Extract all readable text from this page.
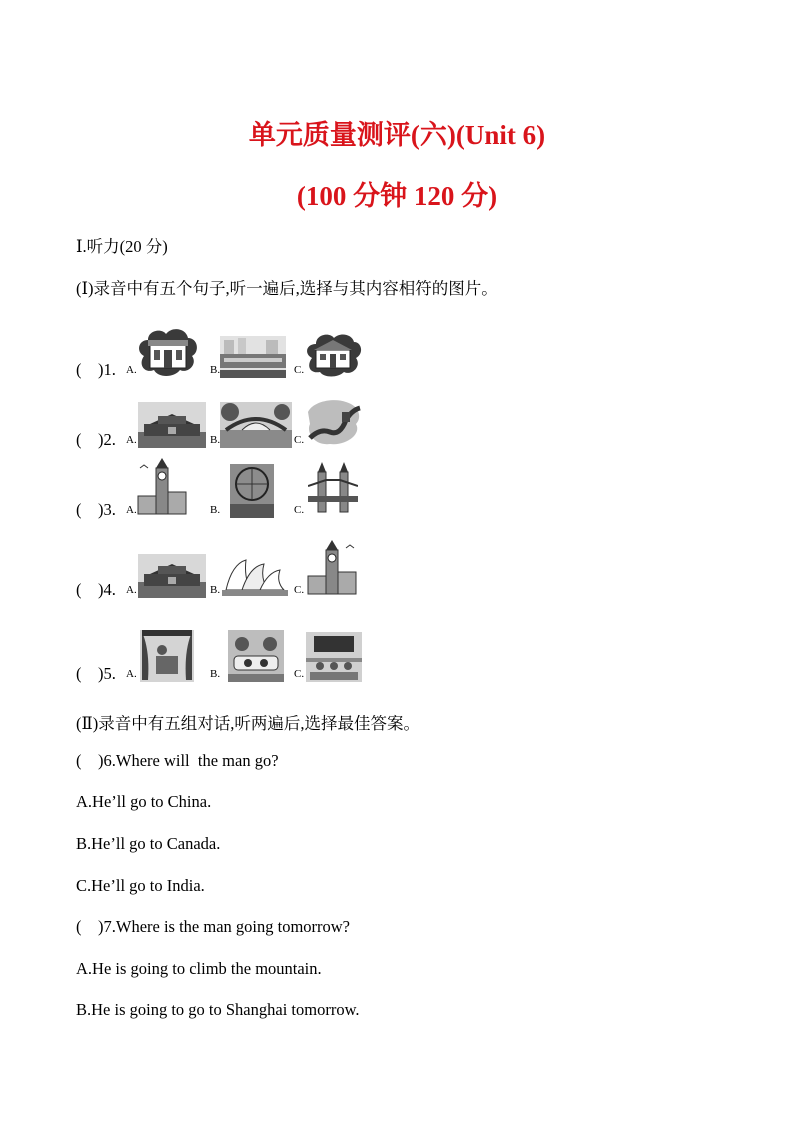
单元质量测评(六)(Unit 6)
(100 分钟 120 分)
Ⅰ.听力(20 分)
(Ⅰ)录音中有五个句子,听一遍后,选择与其内容相符的图片。
(    )1. A.	B.	C.
(    )2. A.	B.	C.
(    )3. A.	B.	C.
(    )4. A.	B.	C.
(    )5. A.	B.	C.
(Ⅱ)录音中有五组对话,听两遍后,选择最佳答案。
(    )6.Where will  the man go?
A.He’ll go to China.
B.He’ll go to Canada.
C.He’ll go to India.
(    )7.Where is the man going tomorrow?
A.He is going to climb the mountain.
B.He is going to go to Shanghai tomorrow.
